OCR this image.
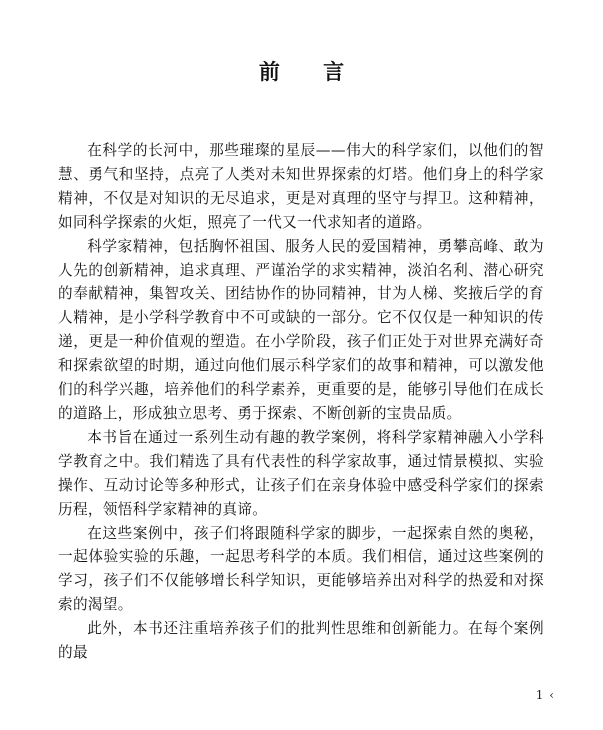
前 言

在科学的长河中，那些璀璨的星辰——伟大的科学家们，以他们的智慧、勇气和坚持，点亮了人类对未知世界探索的灯塔。他们身上的科学家精神，不仅是对知识的无尽追求，更是对真理的坚守与捍卫。这种精神，如同科学探索的火炬，照亮了一代又一代求知者的道路。

科学家精神，包括胸怀祖国、服务人民的爱国精神，勇攀高峰、敢为人先的创新精神，追求真理、严谨治学的求实精神，淡泊名利、潜心研究的奉献精神，集智攻关、团结协作的协同精神，甘为人梯、奖掖后学的育人精神，是小学科学教育中不可或缺的一部分。它不仅仅是一种知识的传递，更是一种价值观的塑造。在小学阶段，孩子们正处于对世界充满好奇和探索欲望的时期，通过向他们展示科学家们的故事和精神，可以激发他们的科学兴趣，培养他们的科学素养，更重要的是，能够引导他们在成长的道路上，形成独立思考、勇于探索、不断创新的宝贵品质。

本书旨在通过一系列生动有趣的教学案例，将科学家精神融入小学科学教育之中。我们精选了具有代表性的科学家故事，通过情景模拟、实验操作、互动讨论等多种形式，让孩子们在亲身体验中感受科学家们的探索历程，领悟科学家精神的真谛。

在这些案例中，孩子们将跟随科学家的脚步，一起探索自然的奥秘，一起体验实验的乐趣，一起思考科学的本质。我们相信，通过这些案例的学习，孩子们不仅能够增长科学知识，更能够培养出对科学的热爱和对探索的渴望。

此外，本书还注重培养孩子们的批判性思维和创新能力。在每个案例的最

1 ‹
